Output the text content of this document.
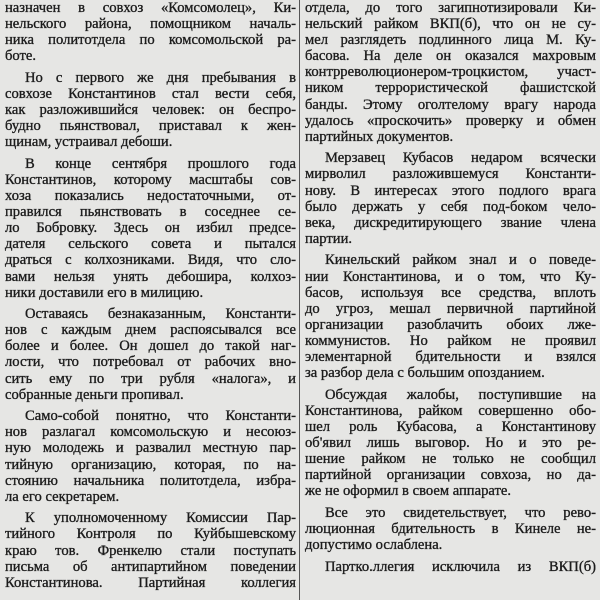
назначен в совхоз «Комсомолец», Ки-
нельского района, помощником началь-
ника политотдела по комсомольской ра-
боте.
Но с первого же дня пребывания в
совхозе Константинов стал вести себя,
как разложившийся человек: он беспро-
будно пьянствовал, приставал к жен-
щинам, устраивал дебоши.
В конце сентября прошлого года
Константинов, которому масштабы сов-
хоза показались недостаточными, от-
правился пьянствовать в соседнее се-
ло Бобровку. Здесь он избил предсе-
дателя сельского совета и пытался
драться с колхозниками. Видя, что сло-
вами нельзя унять дебошира, колхоз-
ники доставили его в милицию.
Оставаясь безнаказанным, Константи-
нов с каждым днем распоясывался все
более и более. Он дошел до такой наг-
лости, что потребовал от рабочих вно-
сить ему по три рубля «налога», и
собранные деньги пропивал.
Само-собой понятно, что Константи-
нов разлагал комсомольскую и несоюз-
ную молодежь и развалил местную пар-
тийную организацию, которая, по на-
стоянию начальника политотдела, избра-
ла его секретарем.
К уполномоченному Комиссии Пар-
тийного Контроля по Куйбышевскому
краю тов. Френкелю стали поступать
письма об антипартийном поведении
Константинова. Партийная коллегия
отдела, до того загипнотизировали Ки-
нельский райком ВКП(б), что он не су-
мел разглядеть подлинного лица М. Ку-
басова. На деле он оказался махровым
контрреволюционером-троцкистом, участ-
ником террористической фашистской
банды. Этому оголтелому врагу народа
удалось «проскочить» проверку и обмен
партийных документов.
Мерзавец Кубасов недаром всячески
мирволил разложившемуся Константи-
нову. В интересах этого подлого врага
было держать у себя под-боком чело-
века, дискредитирующего звание члена
партии.
Кинельский райком знал и о поведе-
нии Константинова, и о том, что Ку-
басов, используя все средства, вплоть
до угроз, мешал первичной партийной
организации разоблачить обоих лже-
коммунистов. Но райком не проявил
элементарной бдительности и взялся
за разбор дела с большим опозданием.
Обсуждая жалобы, поступившие на
Константинова, райком совершенно обо-
шел роль Кубасова, а Константинову
об'явил лишь выговор. Но и это ре-
шение райком не только не сообщил
партийной организации совхоза, но да-
же не оформил в своем аппарате.
Все это свидетельствует, что рево-
люционная бдительность в Кинеле не-
допустимо ослаблена.
Партко.ллегия исключила из ВКП(б)
